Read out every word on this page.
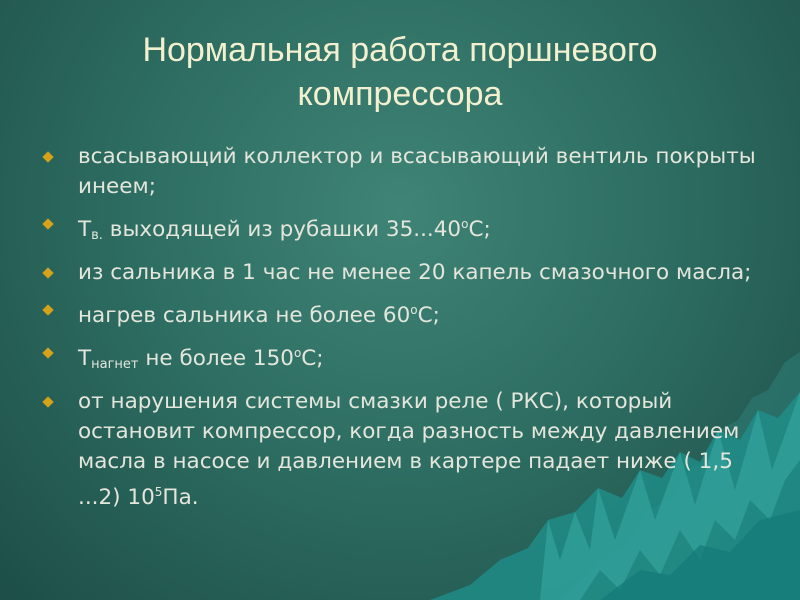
Нормальная работа поршневого
компрессора
всасывающий коллектор и всасывающий вентиль покрыты инеем;
$Т_{в.}$ выходящей из рубашки $35...40^оС$;
из сальника в 1 час не менее 20 капель смазочного масла;
нагрев сальника не более $60^оС$;
$Т_{нагнет}$ не более $150^оС$;
от нарушения системы смазки реле ( РКС), который остановит компрессор, когда разность между давлением масла в насосе и давлением в картере падает ниже ( 1,5 ...2) $10^5Па$.
